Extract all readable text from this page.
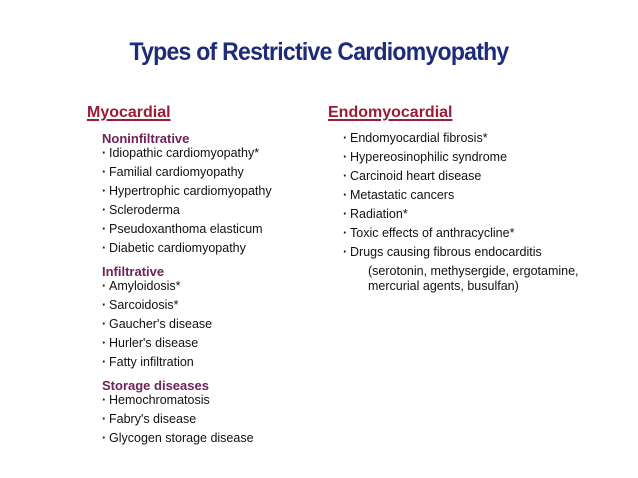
Types of Restrictive Cardiomyopathy
Myocardial
Noninfiltrative
· Idiopathic cardiomyopathy*
· Familial cardiomyopathy
· Hypertrophic cardiomyopathy
· Scleroderma
· Pseudoxanthoma elasticum
· Diabetic cardiomyopathy
Infiltrative
· Amyloidosis*
· Sarcoidosis*
· Gaucher's disease
· Hurler's disease
· Fatty infiltration
Storage diseases
· Hemochromatosis
· Fabry's disease
· Glycogen storage disease
Endomyocardial
· Endomyocardial fibrosis*
· Hypereosinophilic syndrome
· Carcinoid heart disease
· Metastatic cancers
· Radiation*
· Toxic effects of anthracycline*
· Drugs causing fibrous endocarditis
(serotonin, methysergide, ergotamine, mercurial agents, busulfan)
